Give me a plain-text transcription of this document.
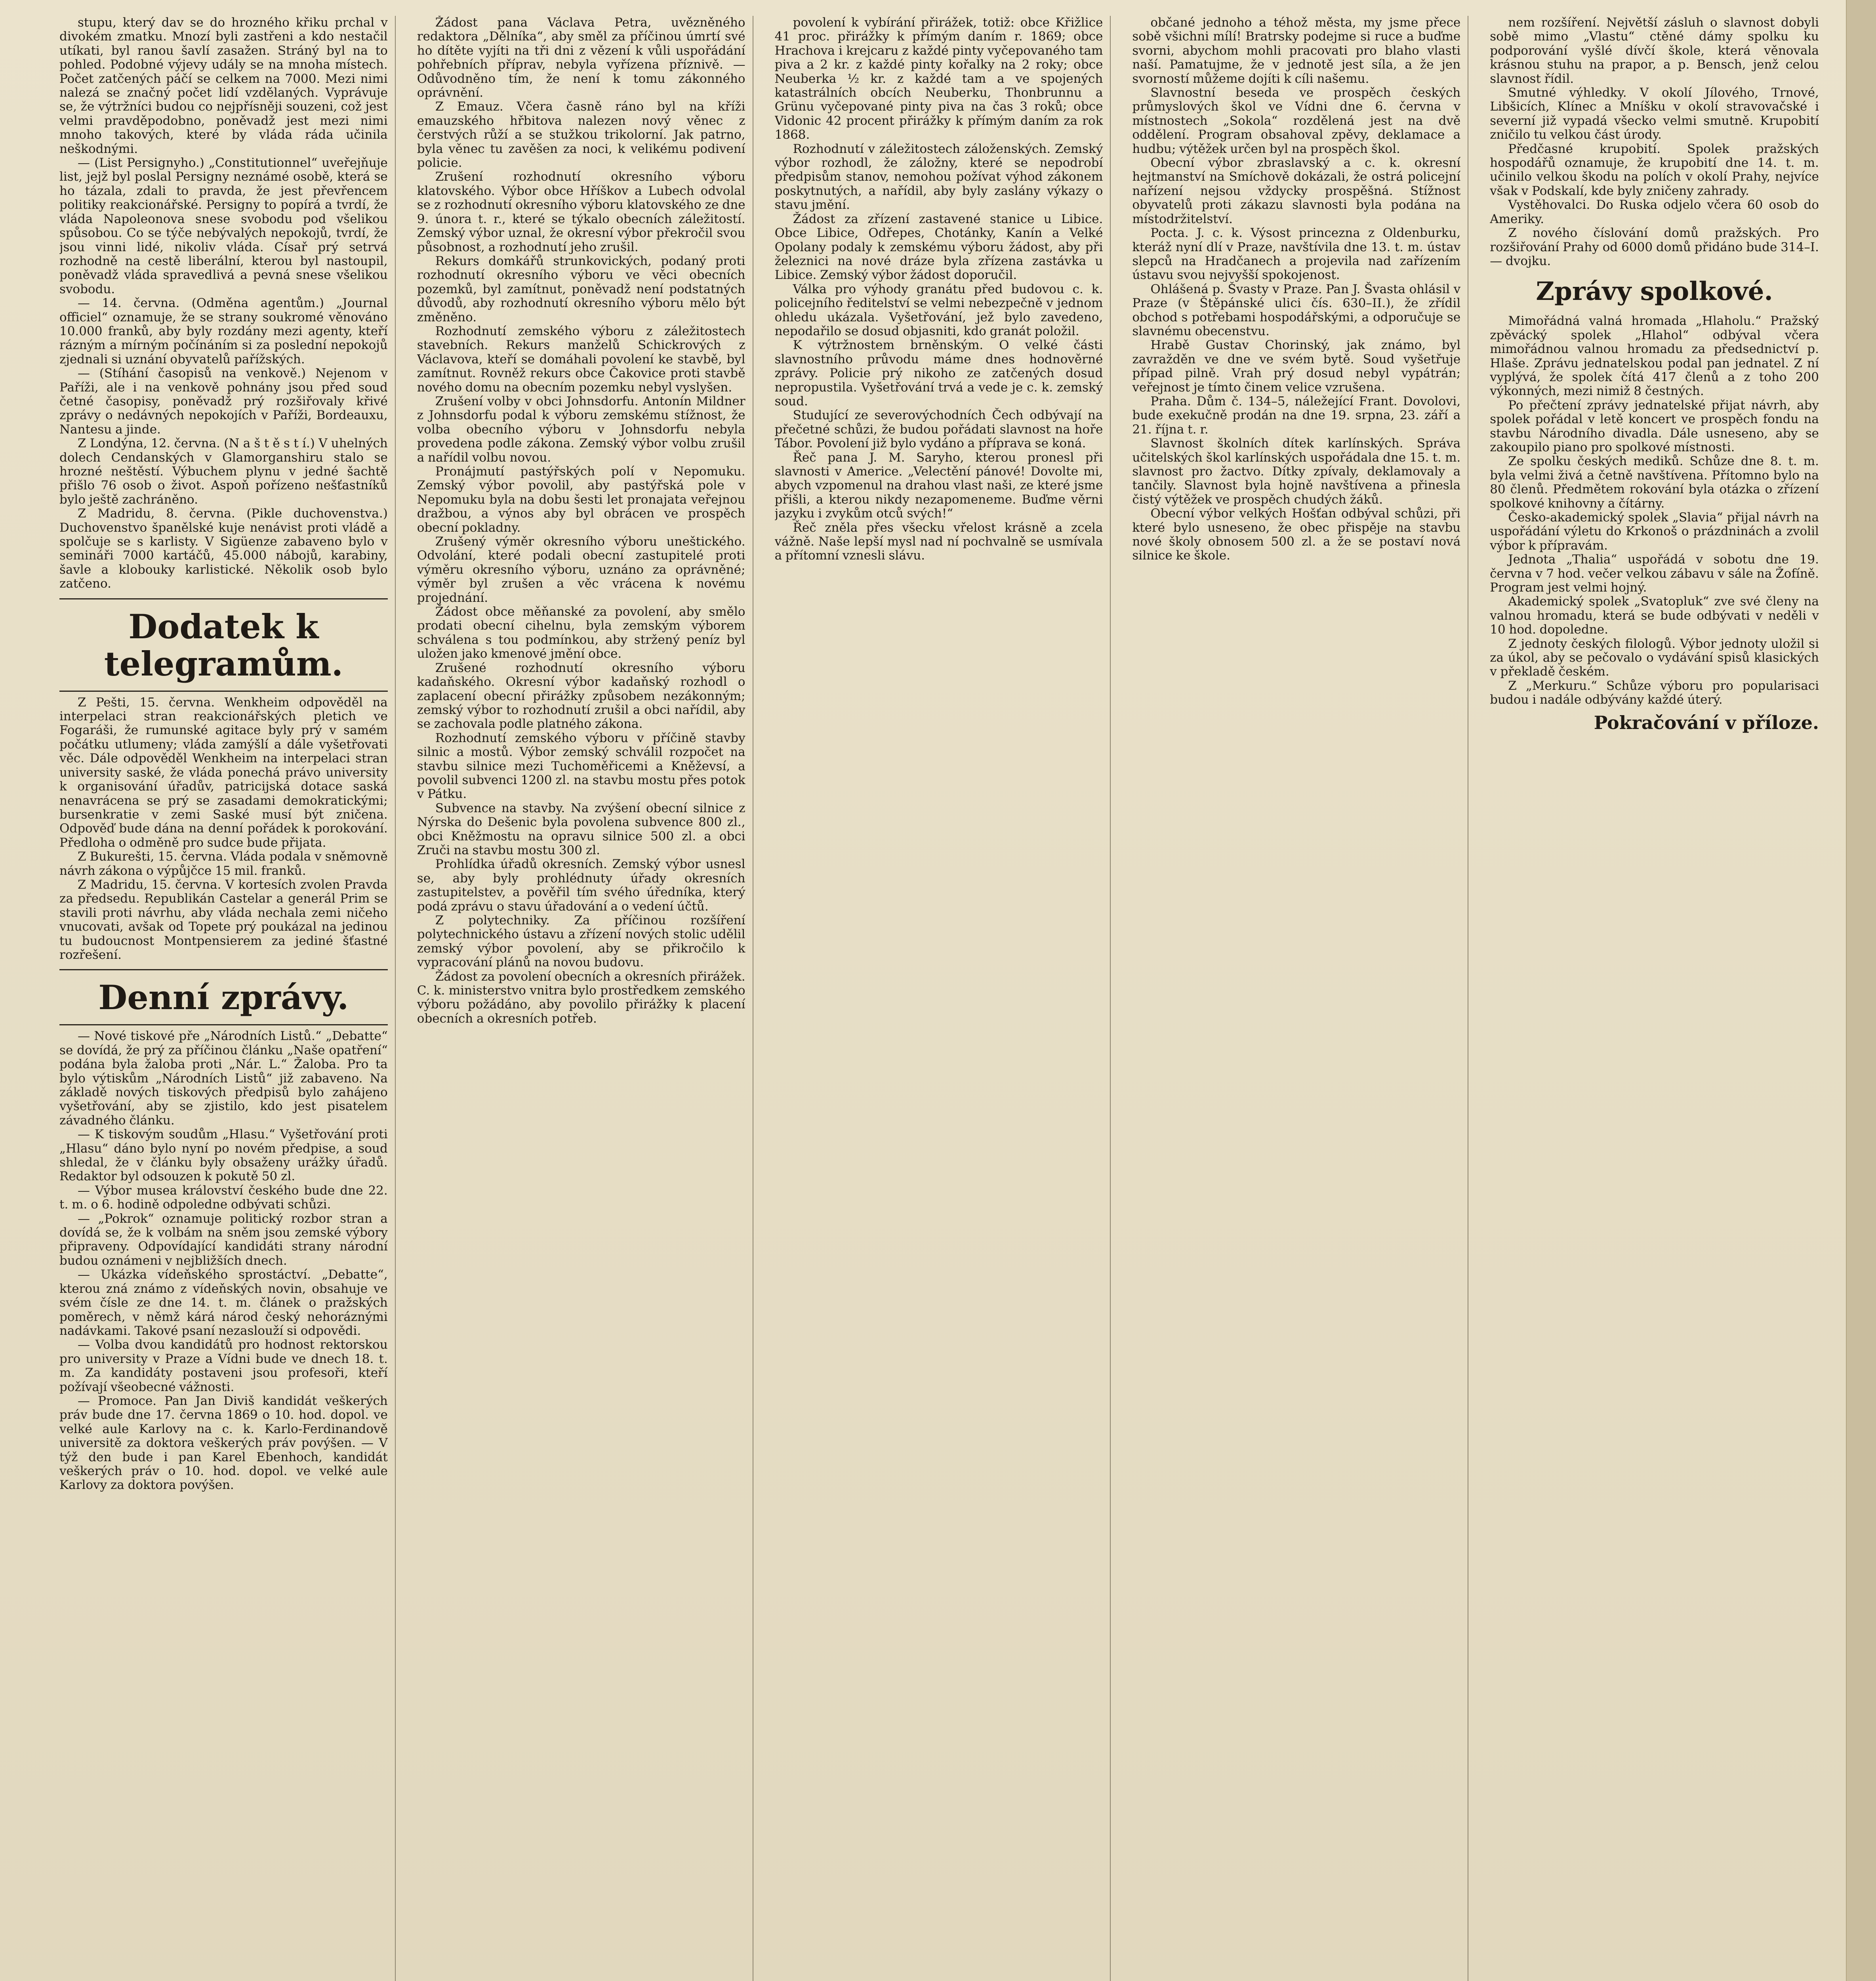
stupu, který dav se do hrozného křiku prchal v divokém zmatku. Mnozí byli zastřeni a kdo nestačil utíkati, byl ranou šavlí zasažen. Stráný byl na to pohled. Podobné výjevy udály se na mnoha místech. Počet zatčených páčí se celkem na 7000. Mezi nimi nalezá se značný počet lidí vzdělaných. Vyprávuje se, že výtržníci budou co nejpřísněji souzeni, což jest velmi pravděpodobno, poněvadž jest mezi nimi mnoho takových, které by vláda ráda učinila neškodnými.

— (List Persignyho.) „Constitutionnel“ uveřejňuje list, jejž byl poslal Persigny neznámé osobě, která se ho tázala, zdali to pravda, že jest převřencem politiky reakcionářské. Persigny to popírá a tvrdí, že vláda Napoleonova snese svobodu pod všelikou spůsobou. Co se týče nebývalých nepokojů, tvrdí, že jsou vinni lidé, nikoliv vláda. Císař prý setrvá rozhodně na cestě liberální, kterou byl nastoupil, poněvadž vláda spravedlivá a pevná snese všelikou svobodu.

— 14. června. (Odměna agentům.) „Journal officiel“ oznamuje, že se strany soukromé věnováno 10.000 franků, aby byly rozdány mezi agenty, kteří rázným a mírným počínáním si za poslední nepokojů zjednali si uznání obyvatelů pařížských.

— (Stíhání časopisů na venkově.) Nejenom v Paříži, ale i na venkově pohnány jsou před soud četné časopisy, poněvadž prý rozšiřovaly křivé zprávy o nedávných nepokojích v Paříži, Bordeauxu, Nantesu a jinde.

Z Londýna, 12. června. (N a š t ě s t í.) V uhelných dolech Cendanských v Glamorganshiru stalo se hrozné neštěstí. Výbuchem plynu v jedné šachtě přišlo 76 osob o život. Aspoň pořízeno nešťastníků bylo ještě zachráněno.

Z Madridu, 8. června. (Pikle duchovenstva.) Duchovenstvo španělské kuje nenávist proti vládě a spolčuje se s karlisty. V Sigüenze zabaveno bylo v semináři 7000 kartáčů, 45.000 nábojů, karabiny, šavle a klobouky karlistické. Několik osob bylo zatčeno.

Dodatek k telegramům.

Z Pešti, 15. června. Wenkheim odpověděl na interpelaci stran reakcionářských pletich ve Fogaráši, že rumunské agitace byly prý v samém počátku utlumeny; vláda zamýšlí a dále vyšetřovati věc. Dále odpověděl Wenkheim na interpelaci stran university saské, že vláda ponechá právo university k organisování úřadův, patricijská dotace saská nenavrácena se prý se zasadami demokratickými; bursenkratie v zemi Saské musí být zničena. Odpověď bude dána na denní pořádek k porokování. Předloha o odměně pro sudce bude přijata.

Z Bukurešti, 15. června. Vláda podala v sněmovně návrh zákona o výpůjčce 15 mil. franků.

Z Madridu, 15. června. V kortesích zvolen Pravda za předsedu. Republikán Castelar a generál Prim se stavili proti návrhu, aby vláda nechala zemi ničeho vnucovati, avšak od Topete prý poukázal na jedinou tu budoucnost Montpensierem za jediné šťastné rozřešení.

Denní zprávy.

— Nové tiskové pře „Národních Listů.“ „Debatte“ se dovídá, že prý za příčinou článku „Naše opatření“ podána byla žaloba proti „Nár. L.“ Žaloba. Pro ta bylo výtiskům „Národních Listů“ již zabaveno. Na základě nových tiskových předpisů bylo zahájeno vyšetřování, aby se zjistilo, kdo jest pisatelem závadného článku.

— K tiskovým soudům „Hlasu.“ Vyšetřování proti „Hlasu“ dáno bylo nyní po novém předpise, a soud shledal, že v článku byly obsaženy urážky úřadů. Redaktor byl odsouzen k pokutě 50 zl.

— Výbor musea království českého bude dne 22. t. m. o 6. hodině odpoledne odbývati schůzi.

— „Pokrok“ oznamuje politický rozbor stran a dovídá se, že k volbám na sněm jsou zemské výbory připraveny. Odpovídající kandidáti strany národní budou oznámeni v nejbližších dnech.

— Ukázka vídeňského sprostáctví. „Debatte“, kterou zná známo z vídeňských novin, obsahuje ve svém čísle ze dne 14. t. m. článek o pražských poměrech, v němž kárá národ český nehoráznými nadávkami. Takové psaní nezaslouží si odpovědi.

— Volba dvou kandidátů pro hodnost rektorskou pro university v Praze a Vídni bude ve dnech 18. t. m. Za kandidáty postaveni jsou profesoři, kteří požívají všeobecné vážnosti.

— Promoce. Pan Jan Diviš kandidát veškerých práv bude dne 17. června 1869 o 10. hod. dopol. ve velké aule Karlovy na c. k. Karlo-Ferdinandově universitě za doktora veškerých práv povýšen. — V týž den bude i pan Karel Ebenhoch, kandidát veškerých práv o 10. hod. dopol. ve velké aule Karlovy za doktora povýšen.

Žádost pana Václava Petra, uvězněného redaktora „Dělníka“, aby směl za příčinou úmrtí své ho dítěte vyjíti na tři dni z vězení k vůli uspořádání pohřebních příprav, nebyla vyřízena příznivě. — Odůvodněno tím, že není k tomu zákonného oprávnění.

Z Emauz. Včera časně ráno byl na kříži emauzského hřbitova nalezen nový věnec z čerstvých růží a se stužkou trikolorní. Jak patrno, byla věnec tu zavěšen za noci, k velikému podivení policie.

Zrušení rozhodnutí okresního výboru klatovského. Výbor obce Hříškov a Lubech odvolal se z rozhodnutí okresního výboru klatovského ze dne 9. února t. r., které se týkalo obecních záležitostí. Zemský výbor uznal, že okresní výbor překročil svou působnost, a rozhodnutí jeho zrušil.

Rekurs domkářů strunkovických, podaný proti rozhodnutí okresního výboru ve věci obecních pozemků, byl zamítnut, poněvadž není podstatných důvodů, aby rozhodnutí okresního výboru mělo být změněno.

Rozhodnutí zemského výboru z záležitostech stavebních. Rekurs manželů Schickrových z Václavova, kteří se domáhali povolení ke stavbě, byl zamítnut. Rovněž rekurs obce Čakovice proti stavbě nového domu na obecním pozemku nebyl vyslyšen.

Zrušení volby v obci Johnsdorfu. Antonín Mildner z Johnsdorfu podal k výboru zemskému stížnost, že volba obecního výboru v Johnsdorfu nebyla provedena podle zákona. Zemský výbor volbu zrušil a nařídil volbu novou.

Pronájmutí pastýřských polí v Nepomuku. Zemský výbor povolil, aby pastýřská pole v Nepomuku byla na dobu šesti let pronajata veřejnou dražbou, a výnos aby byl obrácen ve prospěch obecní pokladny.

Zrušený výměr okresního výboru uneštického. Odvolání, které podali obecní zastupitelé proti výměru okresního výboru, uznáno za oprávněné; výměr byl zrušen a věc vrácena k novému projednání.

Žádost obce měňanské za povolení, aby smělo prodati obecní cihelnu, byla zemským výborem schválena s tou podmínkou, aby stržený peníz byl uložen jako kmenové jmění obce.

Zrušené rozhodnutí okresního výboru kadaňského. Okresní výbor kadaňský rozhodl o zaplacení obecní přirážky způsobem nezákonným; zemský výbor to rozhodnutí zrušil a obci nařídil, aby se zachovala podle platného zákona.

Rozhodnutí zemského výboru v příčině stavby silnic a mostů. Výbor zemský schválil rozpočet na stavbu silnice mezi Tuchoměřicemi a Kněževsí, a povolil subvenci 1200 zl. na stavbu mostu přes potok v Pátku.

Subvence na stavby. Na zvýšení obecní silnice z Nýrska do Dešenic byla povolena subvence 800 zl., obci Kněžmostu na opravu silnice 500 zl. a obci Zruči na stavbu mostu 300 zl.

Prohlídka úřadů okresních. Zemský výbor usnesl se, aby byly prohlédnuty úřady okresních zastupitelstev, a pověřil tím svého úředníka, který podá zprávu o stavu úřadování a o vedení účtů.

Z polytechniky. Za příčinou rozšíření polytechnického ústavu a zřízení nových stolic udělil zemský výbor povolení, aby se přikročilo k vypracování plánů na novou budovu.

Žádost za povolení obecních a okresních přirážek. C. k. ministerstvo vnitra bylo prostředkem zemského výboru požádáno, aby povolilo přirážky k placení obecních a okresních potřeb.

povolení k vybírání přirážek, totiž: obce Křižlice 41 proc. přirážky k přímým daním r. 1869; obce Hrachova i krejcaru z každé pinty vyčepovaného tam piva a 2 kr. z každé pinty kořalky na 2 roky; obce Neuberka ½ kr. z každé tam a ve spojených katastrálních obcích Neuberku, Thonbrunnu a Grünu vyčepované pinty piva na čas 3 roků; obce Vidonic 42 procent přirážky k přímým daním za rok 1868.

Rozhodnutí v záležitostech záloženských. Zemský výbor rozhodl, že záložny, které se nepodrobí předpisům stanov, nemohou požívat výhod zákonem poskytnutých, a nařídil, aby byly zaslány výkazy o stavu jmění.

Žádost za zřízení zastavené stanice u Libice. Obce Libice, Odřepes, Chotánky, Kanín a Velké Opolany podaly k zemskému výboru žádost, aby při železnici na nové dráze byla zřízena zastávka u Libice. Zemský výbor žádost doporučil.

Válka pro výhody granátu před budovou c. k. policejního ředitelství se velmi nebezpečně v jednom ohledu ukázala. Vyšetřování, jež bylo zavedeno, nepodařilo se dosud objasniti, kdo granát položil.

K výtržnostem brněnským. O velké části slavnostního průvodu máme dnes hodnověrné zprávy. Policie prý nikoho ze zatčených dosud nepropustila. Vyšetřování trvá a vede je c. k. zemský soud.

Studující ze severovýchodních Čech odbývají na přečetné schůzi, že budou pořádati slavnost na hoře Tábor. Povolení již bylo vydáno a příprava se koná.

Řeč pana J. M. Saryho, kterou pronesl při slavnosti v Americe. „Velectění pánové! Dovolte mi, abych vzpomenul na drahou vlast naši, ze které jsme přišli, a kterou nikdy nezapomeneme. Buďme věrni jazyku i zvykům otců svých!“

Řeč zněla přes všecku vřelost krásně a zcela vážně. Naše lepší mysl nad ní pochvalně se usmívala a přítomní vznesli slávu.

občané jednoho a téhož města, my jsme přece sobě všichni mílí! Bratrsky podejme si ruce a buďme svorni, abychom mohli pracovati pro blaho vlasti naší. Pamatujme, že v jednotě jest síla, a že jen svorností můžeme dojíti k cíli našemu.

Slavnostní beseda ve prospěch českých průmyslových škol ve Vídni dne 6. června v místnostech „Sokola“ rozdělená jest na dvě oddělení. Program obsahoval zpěvy, deklamace a hudbu; výtěžek určen byl na prospěch škol.

Obecní výbor zbraslavský a c. k. okresní hejtmanství na Smíchově dokázali, že ostrá policejní nařízení nejsou vždycky prospěšná. Stížnost obyvatelů proti zákazu slavnosti byla podána na místodržitelství.

Pocta. J. c. k. Výsost princezna z Oldenburku, kteráž nyní dlí v Praze, navštívila dne 13. t. m. ústav slepců na Hradčanech a projevila nad zařízením ústavu svou nejvyšší spokojenost.

Ohlášená p. Švasty v Praze. Pan J. Švasta ohlásil v Praze (v Štěpánské ulici čís. 630–II.), že zřídil obchod s potřebami hospodářskými, a odporučuje se slavnému obecenstvu.

Hrabě Gustav Chorinský, jak známo, byl zavražděn ve dne ve svém bytě. Soud vyšetřuje případ pilně. Vrah prý dosud nebyl vypátrán; veřejnost je tímto činem velice vzrušena.

Praha. Dům č. 134–5, náležející Frant. Dovolovi, bude exekučně prodán na dne 19. srpna, 23. září a 21. října t. r.

Slavnost školních dítek karlínských. Správa učitelských škol karlínských uspořádala dne 15. t. m. slavnost pro žactvo. Dítky zpívaly, deklamovaly a tančily. Slavnost byla hojně navštívena a přinesla čistý výtěžek ve prospěch chudých žáků.

Obecní výbor velkých Hošťan odbýval schůzi, při které bylo usneseno, že obec přispěje na stavbu nové školy obnosem 500 zl. a že se postaví nová silnice ke škole.

nem rozšíření. Největší zásluh o slavnost dobyli sobě mimo „Vlastu“ ctěné dámy spolku ku podporování vyšlé dívčí škole, která věnovala krásnou stuhu na prapor, a p. Bensch, jenž celou slavnost řídil.

Smutné výhledky. V okolí Jílového, Trnové, Libšicích, Klínec a Mníšku v okolí stravovačské i severní již vypadá všecko velmi smutně. Krupobití zničilo tu velkou část úrody.

Předčasné krupobití. Spolek pražských hospodářů oznamuje, že krupobití dne 14. t. m. učinilo velkou škodu na polích v okolí Prahy, nejvíce však v Podskalí, kde byly zničeny zahrady.

Vystěhovalci. Do Ruska odjelo včera 60 osob do Ameriky.

Z nového číslování domů pražských. Pro rozšiřování Prahy od 6000 domů přidáno bude 314–I.— dvojku.

Zprávy spolkové.

Mimořádná valná hromada „Hlaholu.“ Pražský zpěvácký spolek „Hlahol“ odbýval včera mimořádnou valnou hromadu za předsednictví p. Hlaše. Zprávu jednatelskou podal pan jednatel. Z ní vyplývá, že spolek čítá 417 členů a z toho 200 výkonných, mezi nimiž 8 čestných.

Po přečtení zprávy jednatelské přijat návrh, aby spolek pořádal v letě koncert ve prospěch fondu na stavbu Národního divadla. Dále usneseno, aby se zakoupilo piano pro spolkové místnosti.

Ze spolku českých mediků. Schůze dne 8. t. m. byla velmi živá a četně navštívena. Přítomno bylo na 80 členů. Předmětem rokování byla otázka o zřízení spolkové knihovny a čítárny.

Česko-akademický spolek „Slavia“ přijal návrh na uspořádání výletu do Krkonoš o prázdninách a zvolil výbor k přípravám.

Jednota „Thalia“ uspořádá v sobotu dne 19. června v 7 hod. večer velkou zábavu v sále na Žofíně. Program jest velmi hojný.

Akademický spolek „Svatopluk“ zve své členy na valnou hromadu, která se bude odbývati v neděli v 10 hod. dopoledne.

Z jednoty českých filologů. Výbor jednoty uložil si za úkol, aby se pečovalo o vydávání spisů klasických v překladě českém.

Z „Merkuru.“ Schůze výboru pro popularisaci budou i nadále odbývány každé úterý.

Pokračování v příloze.
